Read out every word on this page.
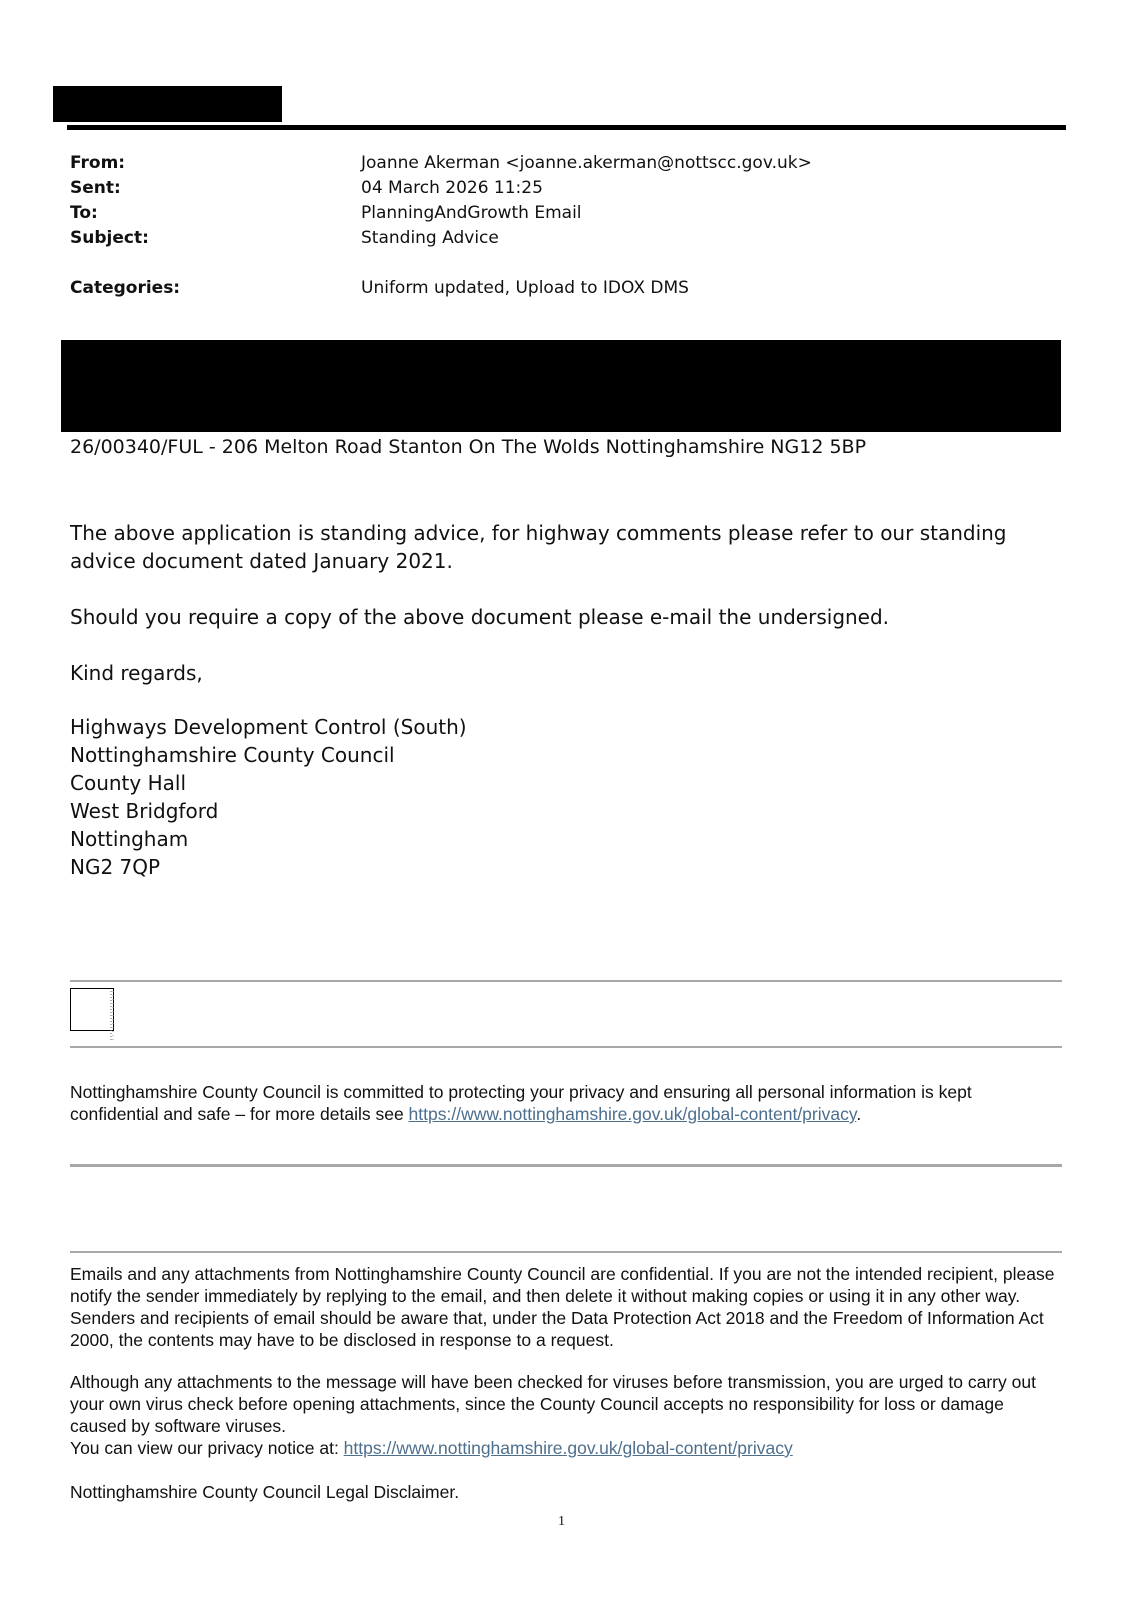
From:	Joanne Akerman <joanne.akerman@nottscc.gov.uk>
Sent:	04 March 2026 11:25
To:	PlanningAndGrowth Email
Subject:	Standing Advice
Categories:	Uniform updated, Upload to IDOX DMS
26/00340/FUL - 206 Melton Road Stanton On The Wolds Nottinghamshire NG12 5BP
The above application is standing advice, for highway comments please refer to our standing advice document dated January 2021.
Should you require a copy of the above document please e-mail the undersigned.
Kind regards,
Highways Development Control (South)
Nottinghamshire County Council
County Hall
West Bridgford
Nottingham
NG2 7QP
Nottinghamshire County Council is committed to protecting your privacy and ensuring all personal information is kept confidential and safe – for more details see https://www.nottinghamshire.gov.uk/global-content/privacy.
Emails and any attachments from Nottinghamshire County Council are confidential. If you are not the intended recipient, please notify the sender immediately by replying to the email, and then delete it without making copies or using it in any other way. Senders and recipients of email should be aware that, under the Data Protection Act 2018 and the Freedom of Information Act 2000, the contents may have to be disclosed in response to a request.
Although any attachments to the message will have been checked for viruses before transmission, you are urged to carry out your own virus check before opening attachments, since the County Council accepts no responsibility for loss or damage caused by software viruses.
You can view our privacy notice at: https://www.nottinghamshire.gov.uk/global-content/privacy
Nottinghamshire County Council Legal Disclaimer.
1
